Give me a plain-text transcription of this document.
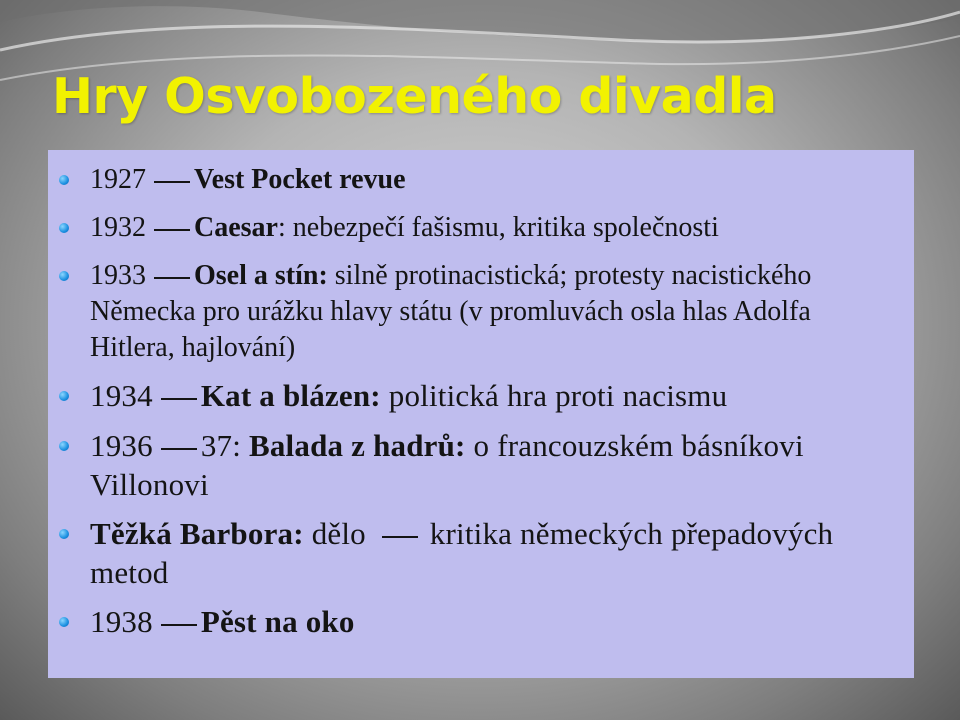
Hry Osvobozeného divadla
1927 Vest Pocket revue
1932 Caesar: nebezpečí fašismu, kritika společnosti
1933 Osel a stín: silně protinacistická; protesty nacistického Německa pro urážku hlavy státu (v promluvách osla hlas Adolfa Hitlera, hajlování)
1934 Kat a blázen: politická hra proti nacismu
1936 37: Balada z hadrů: o francouzském básníkovi Villonovi
Těžká Barbora: dělo  kritika německých přepadových metod
1938 Pěst na oko
